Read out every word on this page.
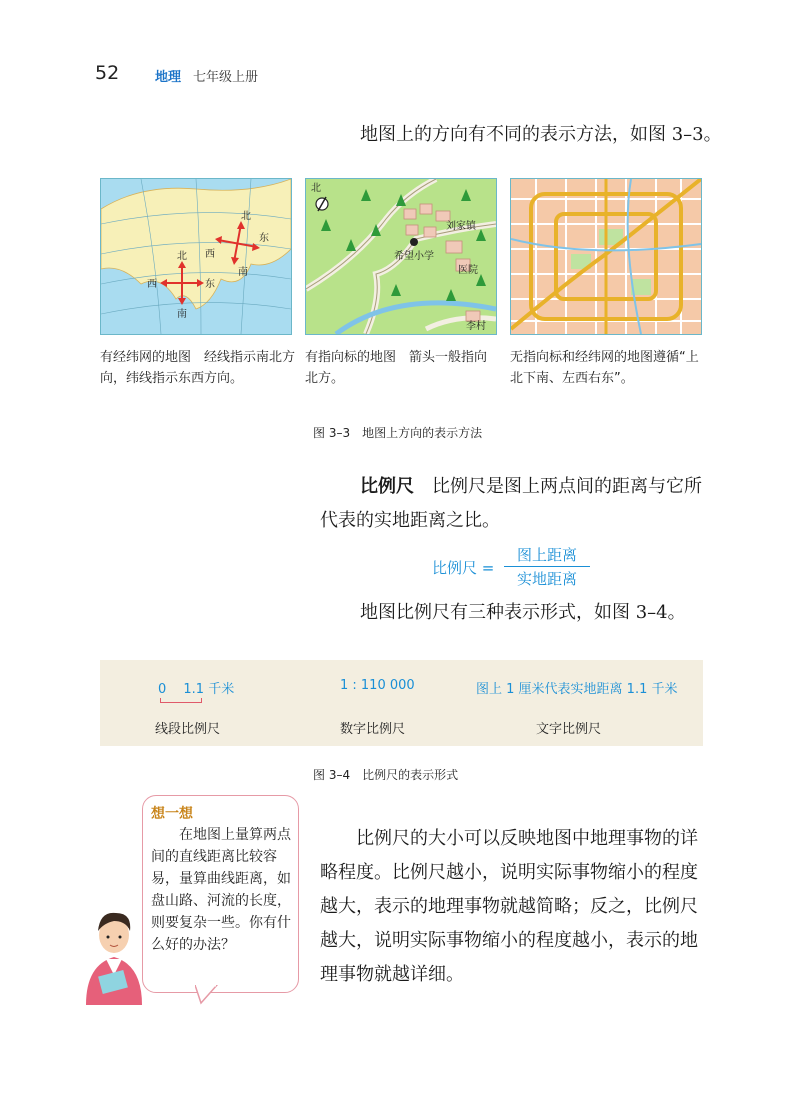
52	地理 七年级上册
地图上的方向有不同的表示方法，如图 3–3。
北
南
西	东
北
南
西
东
北
刘家镇
希望小学
医院
李村
有经纬网的地图　经线指示南北方向，纬线指示东西方向。
有指向标的地图　箭头一般指向北方。
无指向标和经纬网的地图遵循“上北下南、左西右东”。
图 3–3　地图上方向的表示方法
比例尺　比例尺是图上两点间的距离与它所代表的实地距离之比。
比例尺 =
图上距离
实地距离
地图比例尺有三种表示形式，如图 3–4。
0　 1.1 千米	1 : 110 000	图上 1 厘米代表实地距离 1.1 千米
线段比例尺	数字比例尺	文字比例尺
图 3–4　比例尺的表示形式
想一想
在地图上量算两点间的直线距离比较容易，量算曲线距离，如盘山路、河流的长度，则要复杂一些。你有什么好的办法？
比例尺的大小可以反映地图中地理事物的详略程度。比例尺越小，说明实际事物缩小的程度越大，表示的地理事物就越简略；反之，比例尺越大，说明实际事物缩小的程度越小，表示的地理事物就越详细。
